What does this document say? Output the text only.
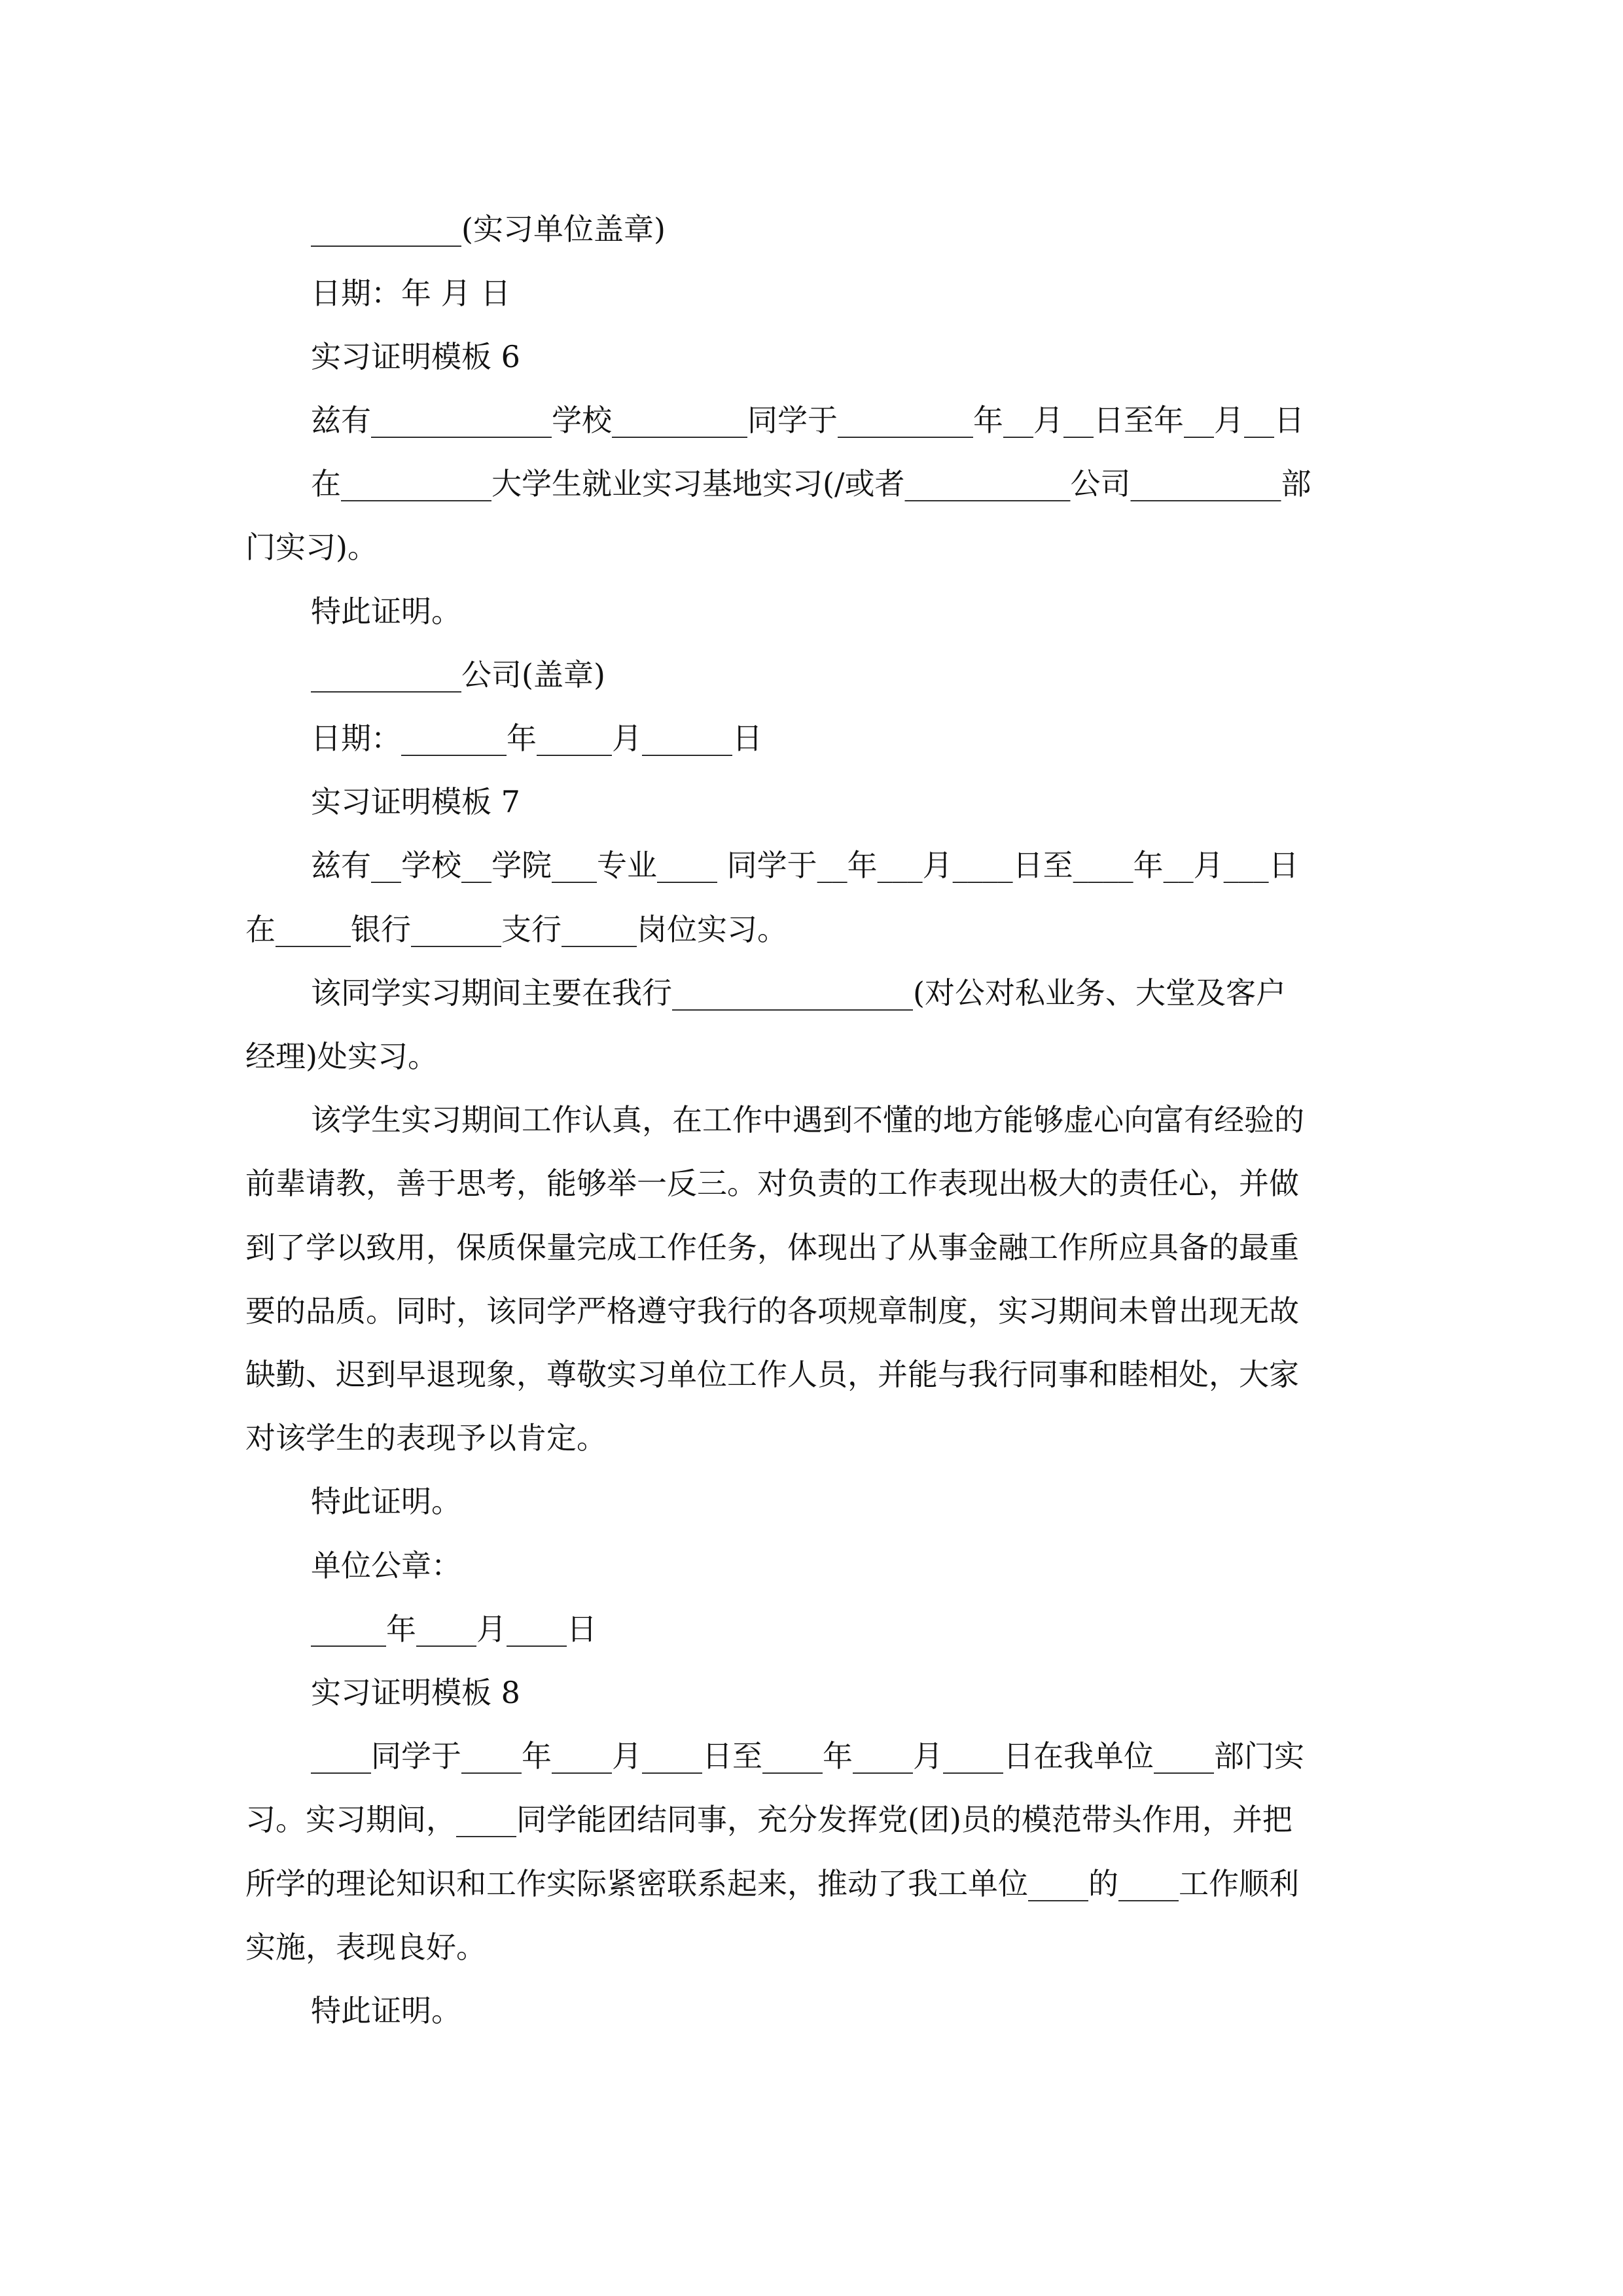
__________(实习单位盖章)
日期：年 月 日
实习证明模板 6
兹有____________学校_________同学于_________年__月__日至年__月__日
在__________大学生就业实习基地实习(/或者___________公司__________部
门实习)。
特此证明。
__________公司(盖章)
日期：_______年_____月______日
实习证明模板 7
兹有__学校__学院___专业____ 同学于__年___月____日至____年__月___日
在_____银行______支行_____岗位实习。
该同学实习期间主要在我行________________(对公对私业务、大堂及客户
经理)处实习。
该学生实习期间工作认真，在工作中遇到不懂的地方能够虚心向富有经验的
前辈请教，善于思考，能够举一反三。对负责的工作表现出极大的责任心，并做
到了学以致用，保质保量完成工作任务，体现出了从事金融工作所应具备的最重
要的品质。同时，该同学严格遵守我行的各项规章制度，实习期间未曾出现无故
缺勤、迟到早退现象，尊敬实习单位工作人员，并能与我行同事和睦相处，大家
对该学生的表现予以肯定。
特此证明。
单位公章：
_____年____月____日
实习证明模板 8
____同学于____年____月____日至____年____月____日在我单位____部门实
习。实习期间，____同学能团结同事，充分发挥党(团)员的模范带头作用，并把
所学的理论知识和工作实际紧密联系起来，推动了我工单位____的____工作顺利
实施，表现良好。
特此证明。
